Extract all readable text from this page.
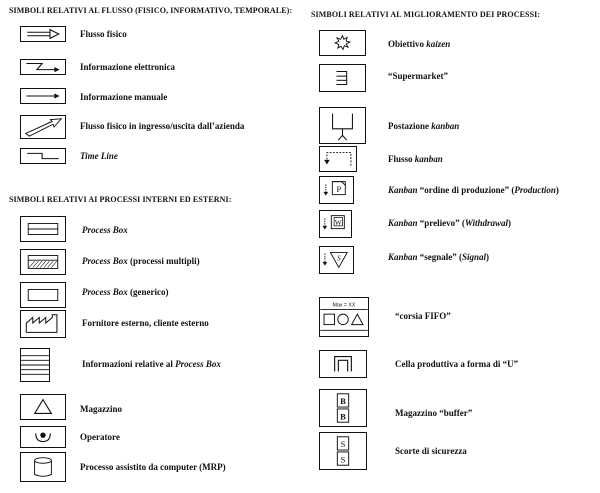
SIMBOLI RELATIVI AL FLUSSO (FISICO, INFORMATIVO, TEMPORALE):
Flusso fisico
Informazione elettronica
Informazione manuale
Flusso fisico in ingresso/uscita dall’azienda
Time Line
SIMBOLI RELATIVI AI PROCESSI INTERNI ED ESTERNI:
Process Box
Process Box (processi multipli)
Process Box (generico)
Fornitore esterno, cliente esterno
Informazioni relative al Process Box
Magazzino
Operatore
Processo assistito da computer (MRP)
SIMBOLI RELATIVI AL MIGLIORAMENTO DEI PROCESSI:
Obiettivo kaizen
“Supermarket”
Postazione kanban
Flusso kanban
P	Kanban “ordine di produzione” (Production)
W	Kanban “prelievo” (Withdrawal)
S	Kanban “segnale” (Signal)
Max = XX
“corsia FIFO”
Cella produttiva a forma di “U”
B
B	Magazzino “buffer”
S
S
Scorte di sicurezza
